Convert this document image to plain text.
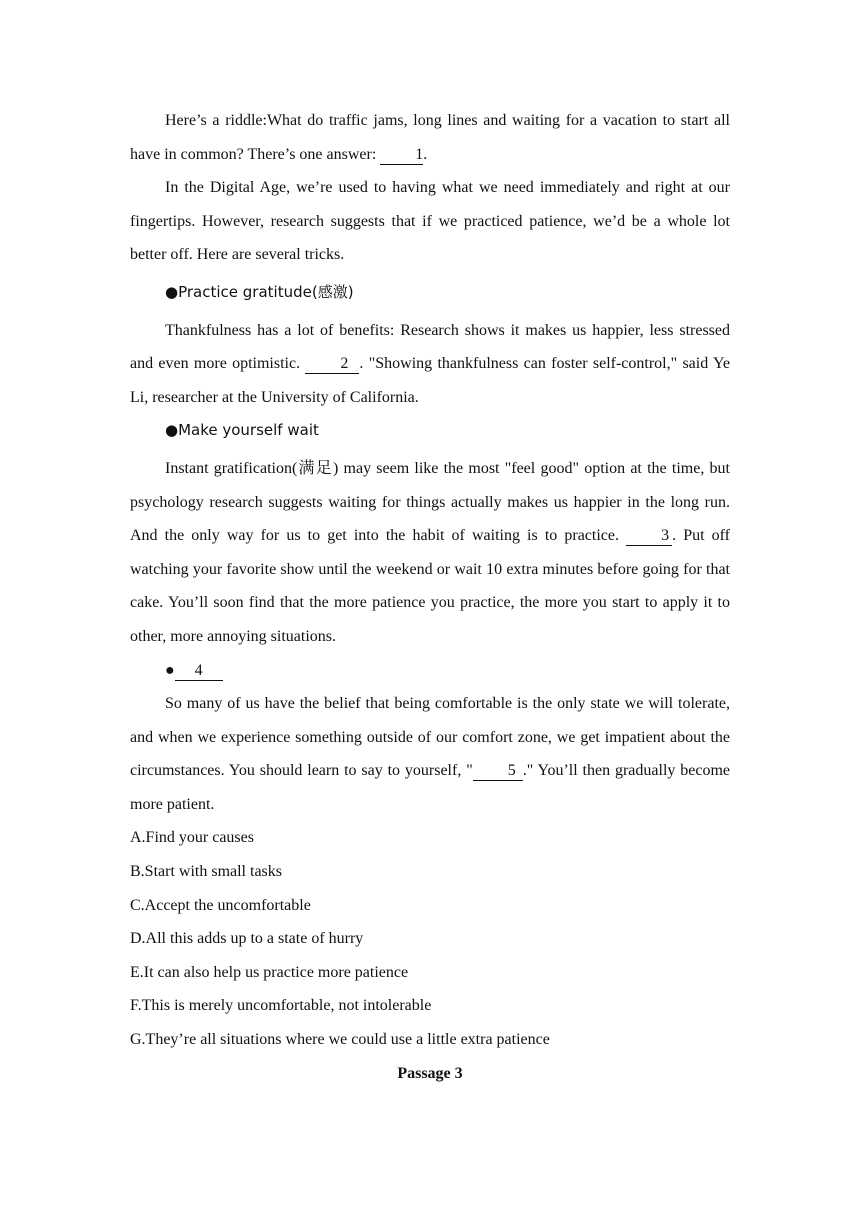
Here’s a riddle:What do traffic jams, long lines and waiting for a vacation to start all have in common? There’s one answer: 1.

In the Digital Age, we’re used to having what we need immediately and right at our fingertips. However, research suggests that if we practiced patience, we’d be a whole lot better off. Here are several tricks.

●Practice gratitude(感激)

Thankfulness has a lot of benefits: Research shows it makes us happier, less stressed and even more optimistic. 2 . "Showing thankfulness can foster self-control," said Ye Li, researcher at the University of California.

●Make yourself wait

Instant gratification(满足) may seem like the most "feel good" option at the time, but psychology research suggests waiting for things actually makes us happier in the long run. And the only way for us to get into the habit of waiting is to practice. 3 . Put off watching your favorite show until the weekend or wait 10 extra minutes before going for that cake. You’ll soon find that the more patience you practice, the more you start to apply it to other, more annoying situations.

● 4

So many of us have the belief that being comfortable is the only state we will tolerate, and when we experience something outside of our comfort zone, we get impatient about the circumstances. You should learn to say to yourself, " 5 ." You’ll then gradually become more patient.

A.Find your causes

B.Start with small tasks

C.Accept the uncomfortable

D.All this adds up to a state of hurry

E.It can also help us practice more patience

F.This is merely uncomfortable, not intolerable

G.They’re all situations where we could use a little extra patience

Passage 3
